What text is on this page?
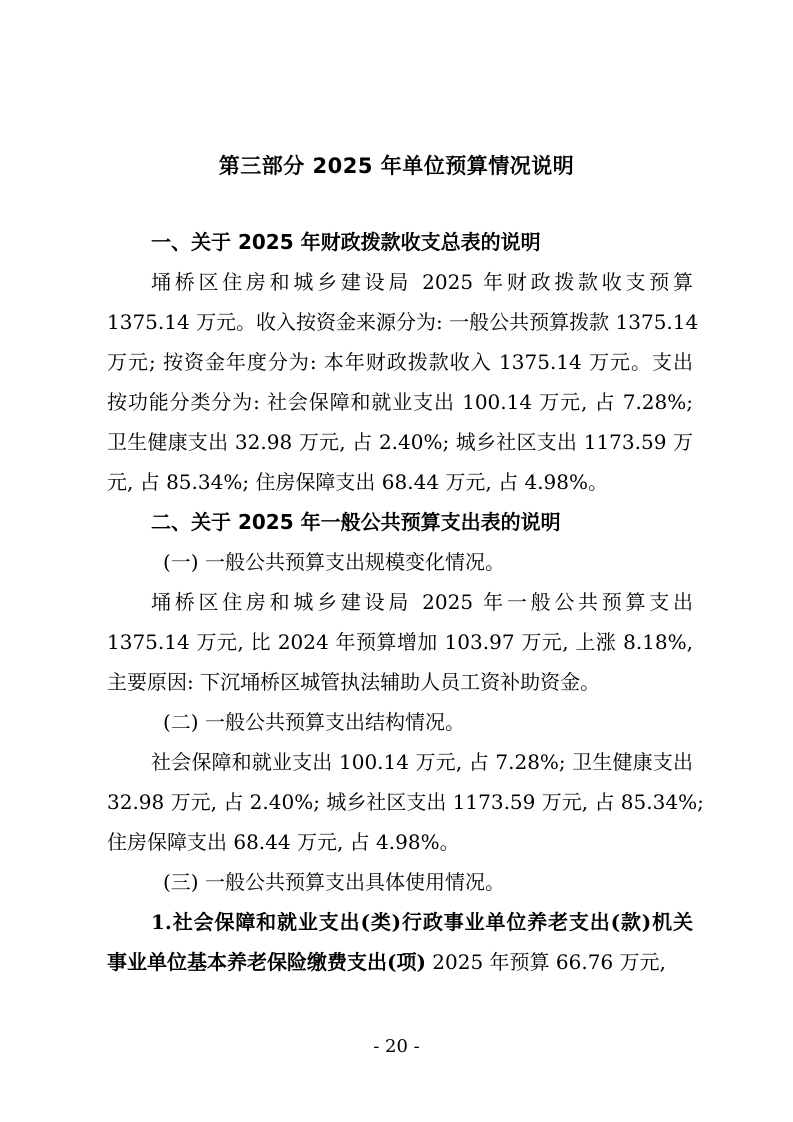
第三部分 2025 年单位预算情况说明
一、关于 2025 年财政拨款收支总表的说明
埇桥区住房和城乡建设局 2025 年财政拨款收支预算
1375.14 万元。收入按资金来源分为: 一般公共预算拨款 1375.14
万元; 按资金年度分为: 本年财政拨款收入 1375.14 万元。支出
按功能分类分为: 社会保障和就业支出 100.14 万元, 占 7.28%;
卫生健康支出 32.98 万元, 占 2.40%; 城乡社区支出 1173.59 万
元, 占 85.34%; 住房保障支出 68.44 万元, 占 4.98%。
二、关于 2025 年一般公共预算支出表的说明
(一) 一般公共预算支出规模变化情况。
埇桥区住房和城乡建设局 2025 年一般公共预算支出
1375.14 万元, 比 2024 年预算增加 103.97 万元, 上涨 8.18%,
主要原因: 下沉埇桥区城管执法辅助人员工资补助资金。
(二) 一般公共预算支出结构情况。
社会保障和就业支出 100.14 万元, 占 7.28%; 卫生健康支出
32.98 万元, 占 2.40%; 城乡社区支出 1173.59 万元, 占 85.34%;
住房保障支出 68.44 万元, 占 4.98%。
(三) 一般公共预算支出具体使用情况。
1.社会保障和就业支出(类)行政事业单位养老支出(款)机关
事业单位基本养老保险缴费支出(项) 2025 年预算 66.76 万元,
- 20 -
